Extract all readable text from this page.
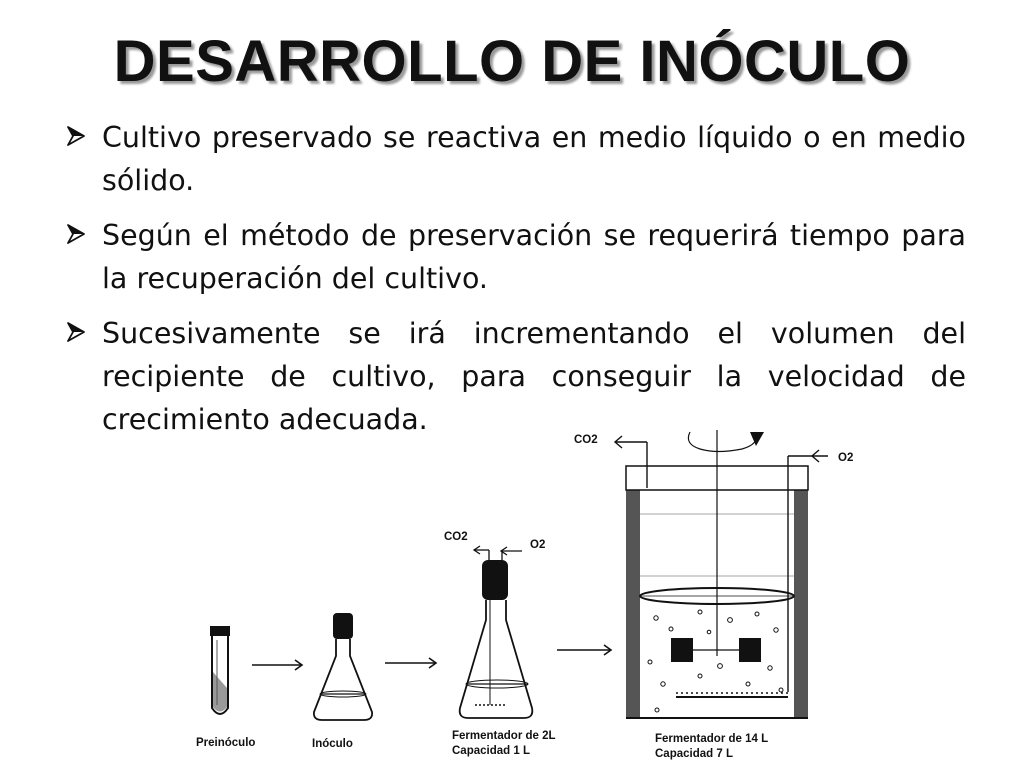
DESARROLLO DE INÓCULO
Cultivo preservado se reactiva en medio líquido o en medio sólido.
Según el método de preservación se requerirá tiempo para la recuperación del cultivo.
Sucesivamente se irá incrementando el volumen del recipiente de cultivo, para conseguir la velocidad de crecimiento adecuada.
Preinóculo	Inóculo
Fermentador de 2L
Capacidad 1 L
Fermentador de 14 L
Capacidad 7 L
CO2
O2
CO2
O2
